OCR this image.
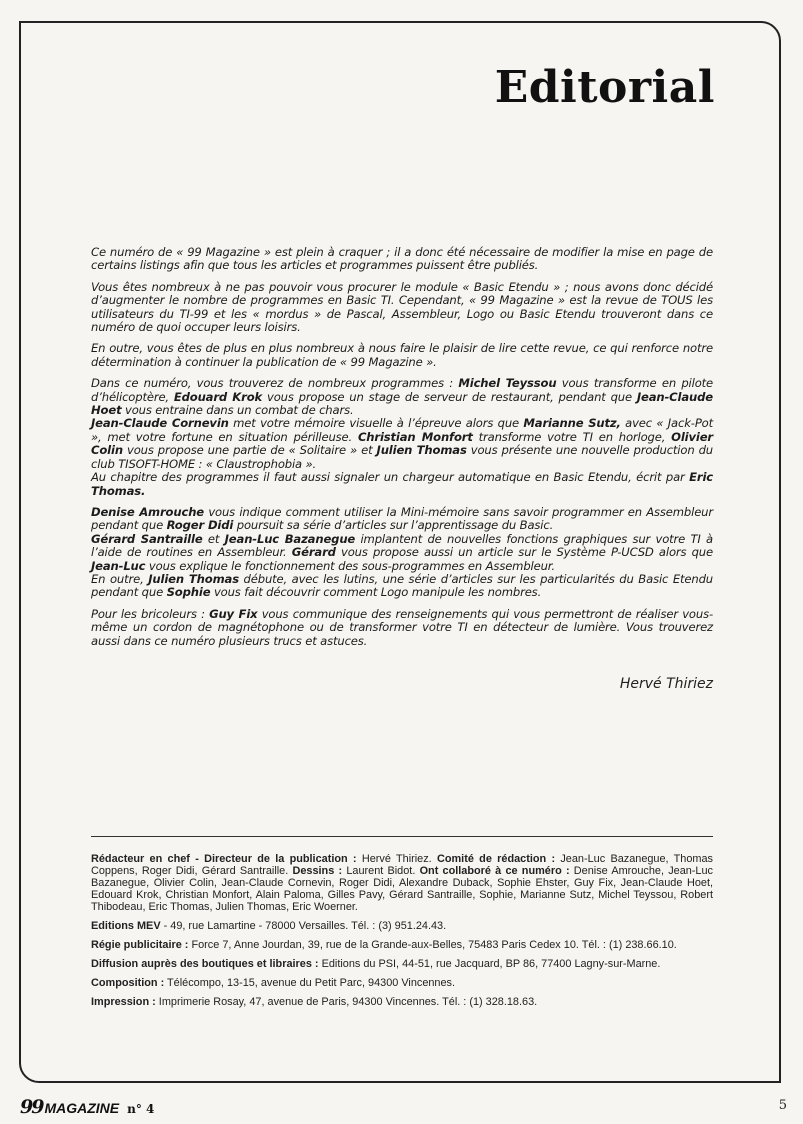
Editorial

Ce numéro de « 99 Magazine » est plein à craquer ; il a donc été nécessaire de modifier la mise en page de certains listings afin que tous les articles et programmes puissent être publiés.

Vous êtes nombreux à ne pas pouvoir vous procurer le module « Basic Etendu » ; nous avons donc décidé d’augmenter le nombre de programmes en Basic TI. Cependant, « 99 Magazine » est la revue de TOUS les utilisateurs du TI-99 et les « mordus » de Pascal, Assembleur, Logo ou Basic Etendu trouveront dans ce numéro de quoi occuper leurs loisirs.

En outre, vous êtes de plus en plus nombreux à nous faire le plaisir de lire cette revue, ce qui renforce notre détermination à continuer la publication de « 99 Magazine ».

Dans ce numéro, vous trouverez de nombreux programmes : Michel Teyssou vous transforme en pilote d’hélicoptère, Edouard Krok vous propose un stage de serveur de restaurant, pendant que Jean-Claude Hoet vous entraine dans un combat de chars.
Jean-Claude Cornevin met votre mémoire visuelle à l’épreuve alors que Marianne Sutz, avec « Jack-Pot », met votre fortune en situation périlleuse. Christian Monfort transforme votre TI en horloge, Olivier Colin vous propose une partie de « Solitaire » et Julien Thomas vous présente une nouvelle production du club TISOFT-HOME : « Claustrophobia ».
Au chapitre des programmes il faut aussi signaler un chargeur automatique en Basic Etendu, écrit par Eric Thomas.

Denise Amrouche vous indique comment utiliser la Mini-mémoire sans savoir programmer en Assembleur pendant que Roger Didi poursuit sa série d’articles sur l’apprentissage du Basic.
Gérard Santraille et Jean-Luc Bazanegue implantent de nouvelles fonctions graphiques sur votre TI à l’aide de routines en Assembleur. Gérard vous propose aussi un article sur le Système P-UCSD alors que Jean-Luc vous explique le fonctionnement des sous-programmes en Assembleur.
En outre, Julien Thomas débute, avec les lutins, une série d’articles sur les particularités du Basic Etendu pendant que Sophie vous fait découvrir comment Logo manipule les nombres.

Pour les bricoleurs : Guy Fix vous communique des renseignements qui vous permettront de réaliser vous-même un cordon de magnétophone ou de transformer votre TI en détecteur de lumière. Vous trouverez aussi dans ce numéro plusieurs trucs et astuces.

Hervé Thiriez

Rédacteur en chef - Directeur de la publication : Hervé Thiriez. Comité de rédaction : Jean-Luc Bazanegue, Thomas Coppens, Roger Didi, Gérard Santraille. Dessins : Laurent Bidot. Ont collaboré à ce numéro : Denise Amrouche, Jean-Luc Bazanegue, Olivier Colin, Jean-Claude Cornevin, Roger Didi, Alexandre Duback, Sophie Ehster, Guy Fix, Jean-Claude Hoet, Edouard Krok, Christian Monfort, Alain Paloma, Gilles Pavy, Gérard Santraille, Sophie, Marianne Sutz, Michel Teyssou, Robert Thibodeau, Eric Thomas, Julien Thomas, Eric Woerner.

Editions MEV - 49, rue Lamartine - 78000 Versailles. Tél. : (3) 951.24.43.

Régie publicitaire : Force 7, Anne Jourdan, 39, rue de la Grande-aux-Belles, 75483 Paris Cedex 10. Tél. : (1) 238.66.10.

Diffusion auprès des boutiques et libraires : Editions du PSI, 44-51, rue Jacquard, BP 86, 77400 Lagny-sur-Marne.

Composition : Télécompo, 13-15, avenue du Petit Parc, 94300 Vincennes.

Impression : Imprimerie Rosay, 47, avenue de Paris, 94300 Vincennes. Tél. : (1) 328.18.63.

99 MAGAZINE n° 4	5
